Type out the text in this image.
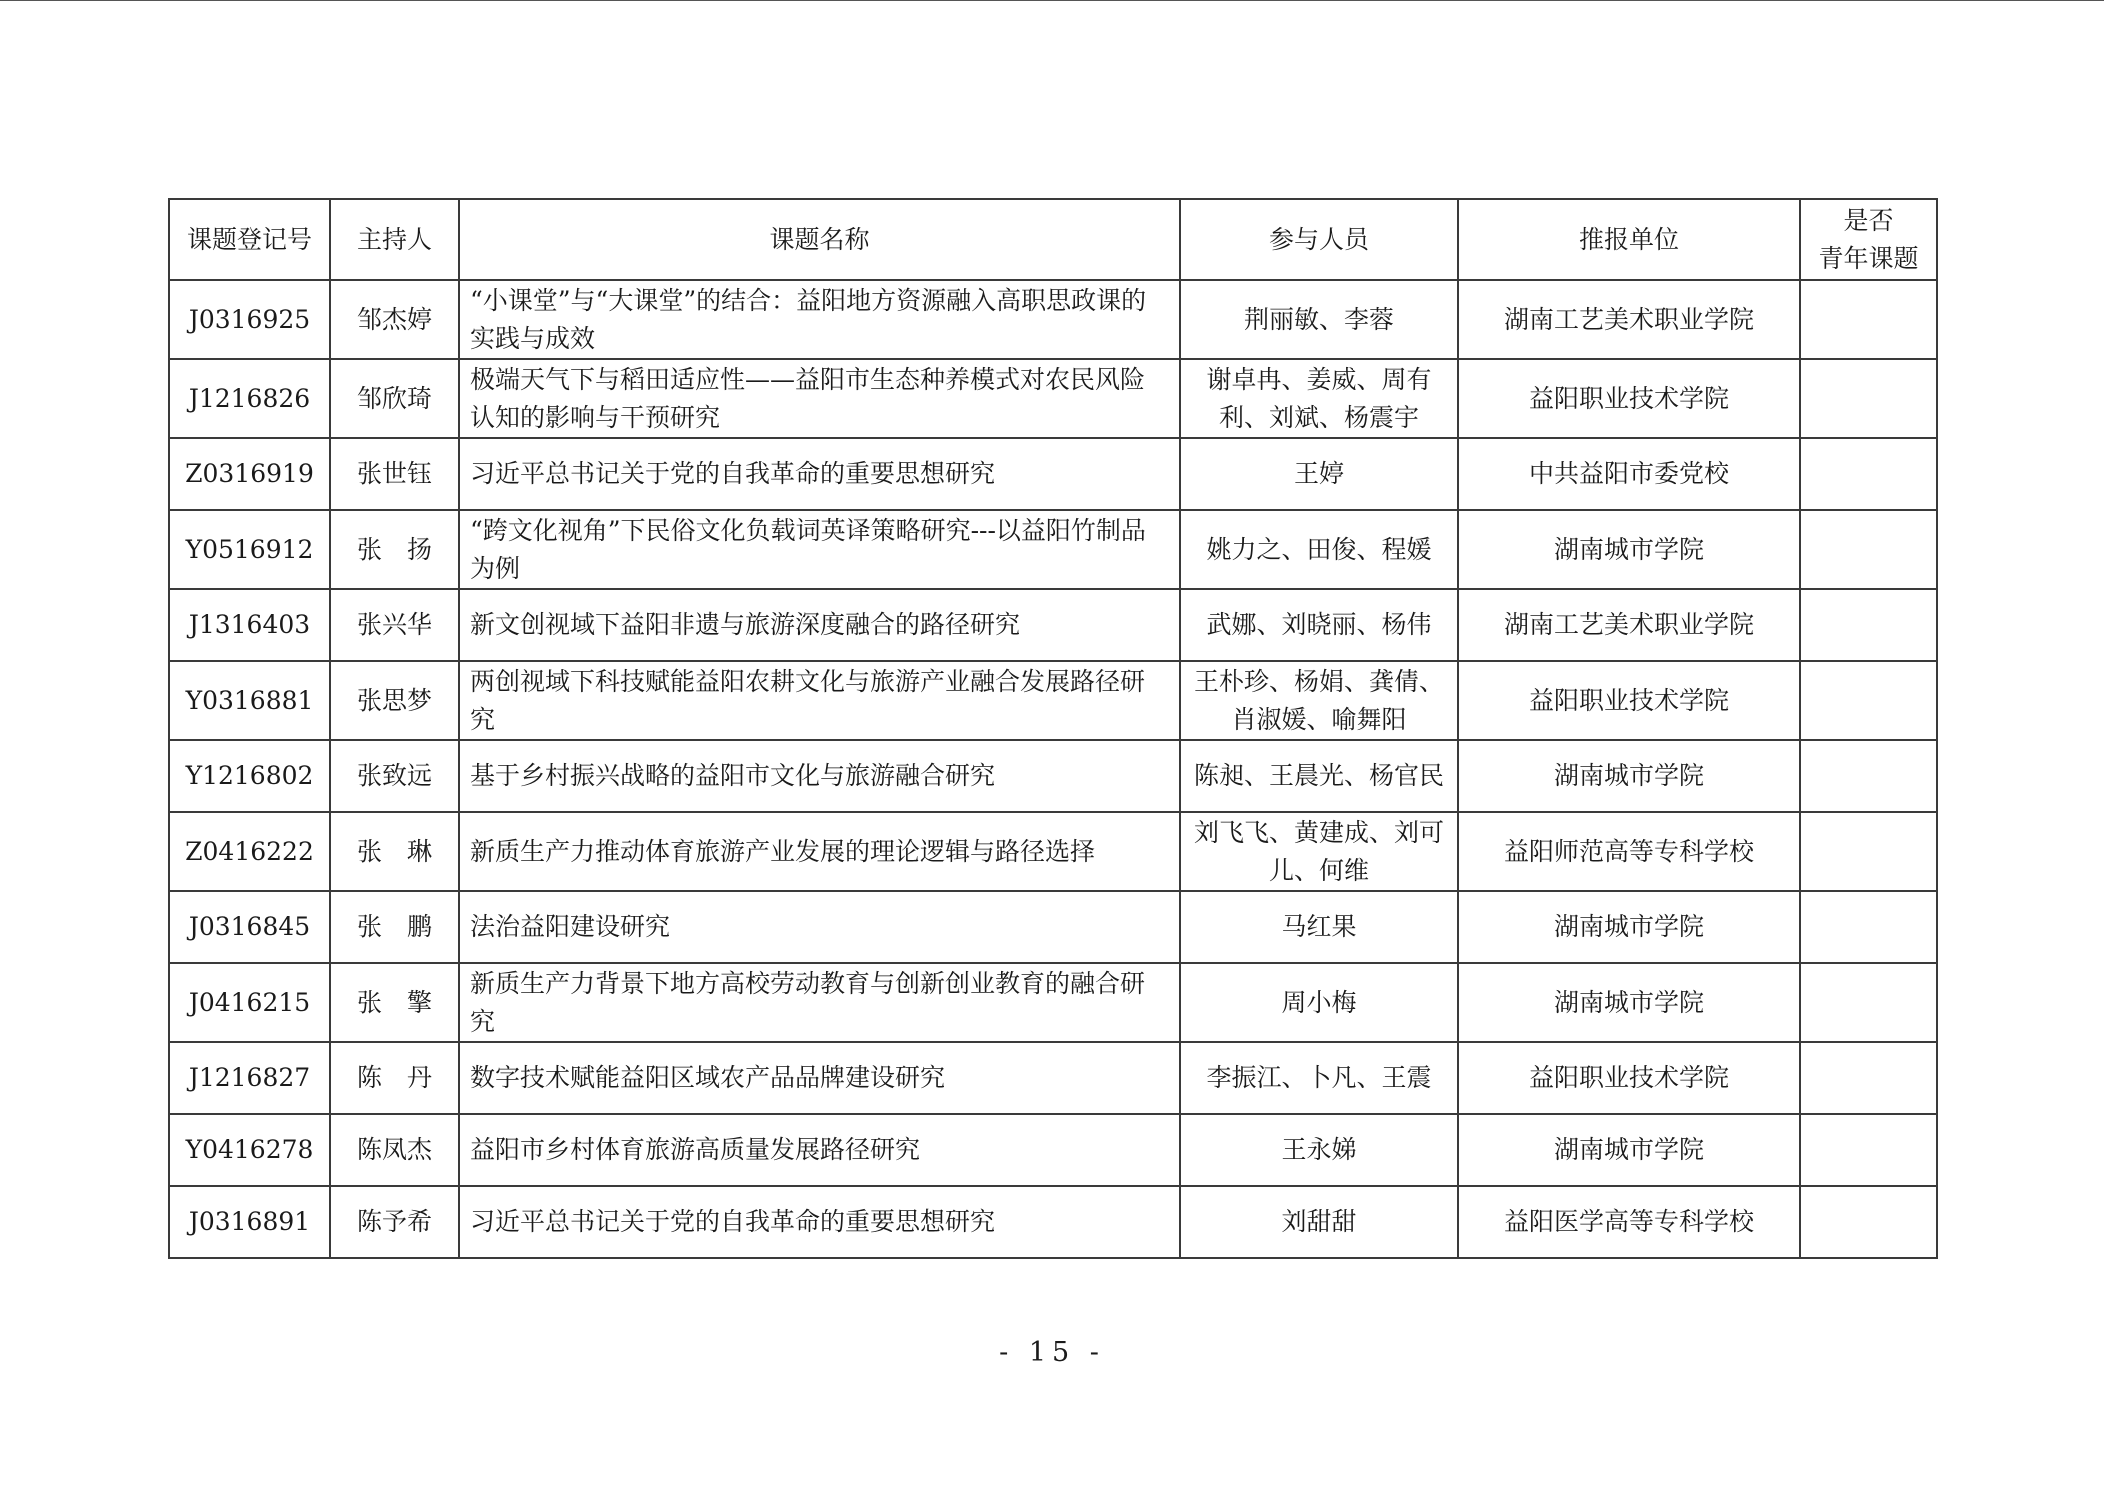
课题登记号	主持人	课题名称	参与人员	推报单位	是否
青年课题

J0316925	邹杰婷	“小课堂”与“大课堂”的结合：益阳地方资源融入高职思政课的实践与成效	荆丽敏、李蓉	湖南工艺美术职业学院	
J1216826	邹欣琦	极端天气下与稻田适应性——益阳市生态种养模式对农民风险认知的影响与干预研究	谢卓冉、姜威、周有利、刘斌、杨震宇	益阳职业技术学院	
Z0316919	张世钰	习近平总书记关于党的自我革命的重要思想研究	王婷	中共益阳市委党校	
Y0516912	张　扬	“跨文化视角”下民俗文化负载词英译策略研究---以益阳竹制品为例	姚力之、田俊、程媛	湖南城市学院	
J1316403	张兴华	新文创视域下益阳非遗与旅游深度融合的路径研究	武娜、刘晓丽、杨伟	湖南工艺美术职业学院	
Y0316881	张思梦	两创视域下科技赋能益阳农耕文化与旅游产业融合发展路径研究	王朴珍、杨娟、龚倩、肖淑媛、喻舞阳	益阳职业技术学院	
Y1216802	张致远	基于乡村振兴战略的益阳市文化与旅游融合研究	陈昶、王晨光、杨官民	湖南城市学院	
Z0416222	张　琳	新质生产力推动体育旅游产业发展的理论逻辑与路径选择	刘飞飞、黄建成、刘可儿、何维	益阳师范高等专科学校	
J0316845	张　鹏	法治益阳建设研究	马红果	湖南城市学院	
J0416215	张　擎	新质生产力背景下地方高校劳动教育与创新创业教育的融合研究	周小梅	湖南城市学院	
J1216827	陈　丹	数字技术赋能益阳区域农产品品牌建设研究	李振江、卜凡、王震	益阳职业技术学院	
Y0416278	陈凤杰	益阳市乡村体育旅游高质量发展路径研究	王永娣	湖南城市学院	
J0316891	陈予希	习近平总书记关于党的自我革命的重要思想研究	刘甜甜	益阳医学高等专科学校	
- 15 -
